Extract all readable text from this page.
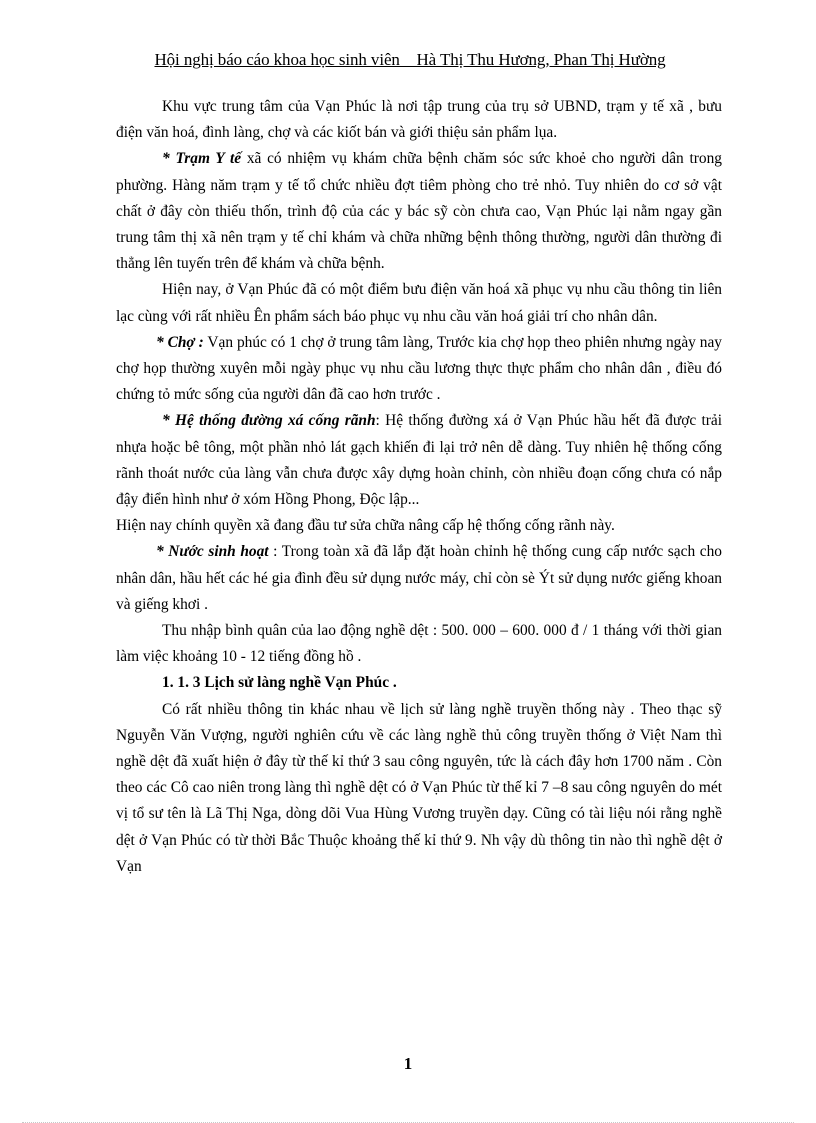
Hội nghị báo cáo khoa học sinh viên _ Hà Thị Thu Hương, Phan Thị Hường

Khu vực trung tâm của Vạn Phúc là nơi tập trung của trụ sở UBND, trạm y tế xã , bưu điện văn hoá, đình làng, chợ và các kiốt bán và giới thiệu sản phẩm lụa.

* Trạm Y tế xã có nhiệm vụ khám chữa bệnh chăm sóc sức khoẻ cho người dân trong phường. Hàng năm trạm y tế tổ chức nhiều đợt tiêm phòng cho trẻ nhỏ. Tuy nhiên do cơ sở vật chất ở đây còn thiếu thốn, trình độ của các y bác sỹ còn chưa cao, Vạn Phúc lại nằm ngay gần trung tâm thị xã nên trạm y tế chỉ khám và chữa những bệnh thông thường, người dân thường đi thẳng lên tuyến trên để khám và chữa bệnh.

Hiện nay, ở Vạn Phúc đã có một điểm bưu điện văn hoá xã phục vụ nhu cầu thông tin liên lạc cùng với rất nhiều Ên phẩm sách báo phục vụ nhu cầu văn hoá giải trí cho nhân dân.

* Chợ : Vạn phúc có 1 chợ ở trung tâm làng, Trước kia chợ họp theo phiên nhưng ngày nay chợ họp thường xuyên mỗi ngày phục vụ nhu cầu lương thực thực phẩm cho nhân dân , điều đó chứng tỏ mức sống của người dân đã cao hơn trước .

* Hệ thống đường xá cống rãnh: Hệ thống đường xá ở Vạn Phúc hầu hết đã được trải nhựa hoặc bê tông, một phần nhỏ lát gạch khiến đi lại trở nên dễ dàng. Tuy nhiên hệ thống cống rãnh thoát nước của làng vẫn chưa được xây dựng hoàn chỉnh, còn nhiều đoạn cống chưa có nắp đậy điển hình như ở xóm Hồng Phong, Độc lập...

Hiện nay chính quyền xã đang đầu tư sửa chữa nâng cấp hệ thống cống rãnh này.

* Nước sinh hoạt : Trong toàn xã đã lắp đặt hoàn chỉnh hệ thống cung cấp nước sạch cho nhân dân, hầu hết các hé gia đình đều sử dụng nước máy, chỉ còn sè Ýt sử dụng nước giếng khoan và giếng khơi .

Thu nhập bình quân của lao động nghề dệt : 500. 000 – 600. 000 đ / 1 tháng với thời gian làm việc khoảng 10 - 12 tiếng đồng hồ .

1. 1. 3 Lịch sử làng nghề Vạn Phúc .

Có rất nhiều thông tin khác nhau về lịch sử làng nghề truyền thống này . Theo thạc sỹ Nguyễn Văn Vượng, người nghiên cứu về các làng nghề thủ công truyền thống ở Việt Nam thì nghề dệt đã xuất hiện ở đây từ thế kỉ thứ 3 sau công nguyên, tức là cách đây hơn 1700 năm . Còn theo các Cô cao niên trong làng thì nghề dệt có ở Vạn Phúc từ thế kỉ 7 –8 sau công nguyên do mét vị tổ sư tên là Lã Thị Nga, dòng dõi Vua Hùng Vương truyền dạy. Cũng có tài liệu nói rằng nghề dệt ở Vạn Phúc có từ thời Bắc Thuộc khoảng thế kỉ thứ 9. Nh vậy dù thông tin nào thì nghề dệt ở Vạn

1
